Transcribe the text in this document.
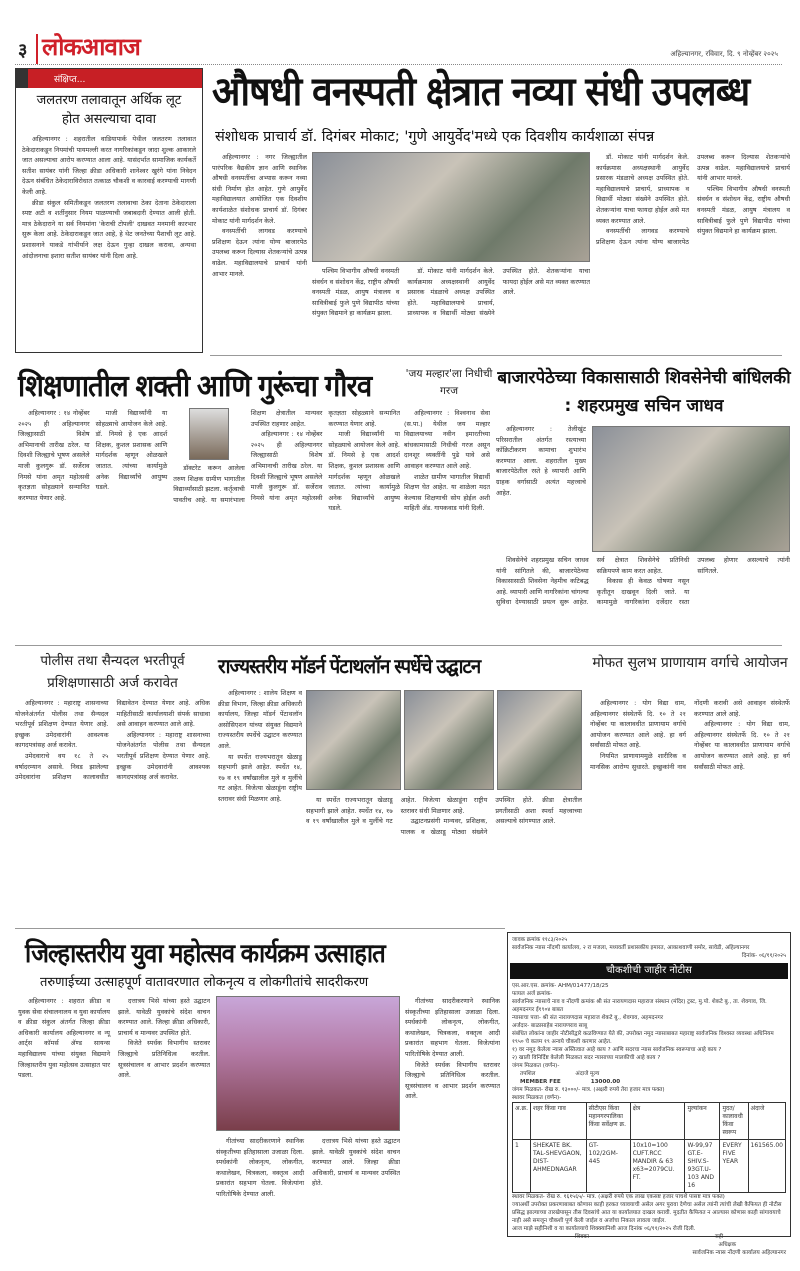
३ लोकआवाज	अहिल्यानगर, रविवार, दि. ९ नोव्हेंबर २०२५
संक्षिप्त...
जलतरण तलावातून अर्थिक लूट होत असल्याचा दावा

अहिल्यानगर : शहरातील वाडियापार्क येथील जलतरण तलावात ठेकेदाराकडून नियमांची पायमल्ली करत नागरिकांकडून जादा शुल्क आकारले जात असल्याचा आरोप करण्यात आला आहे. यासंदर्भात सामाजिक कार्यकर्ते सतीश सायंबर यांनी जिल्हा क्रीडा अधिकारी शानेश्वर खुरंगे यांना निवेदन देऊन संबंधित ठेकेदाराविरोधात तत्काळ चौकशी व कारवाई करण्याची मागणी केली आहे.

क्रीडा संकुल समितीकडून जलतरण तलावाचा ठेका देताना ठेकेदाराला स्पष्ट अटी व शर्तीनुसार नियम पाळण्याची जबाबदारी देण्यात आली होती. मात्र ठेकेदाराने या सर्व नियमांना 'केराची टोपली' दाखवत मनमानी कारभार सुरू केला आहे. ठेकेदाराकडून जात आहे, हे थेट जनतेच्या पैशाची लूट आहे. प्रशासनाने याकडे गांभीर्याने लक्ष देऊन गुन्हा दाखल करावा, अन्यथा आंदोलनाचा इशारा सतीश सायंबर यांनी दिला आहे.

औषधी वनस्पती क्षेत्रात नव्या संधी उपलब्ध
संशोधक प्राचार्य डॉ. दिगंबर मोकाट; 'गुणे आयुर्वेद'मध्ये एक दिवशीय कार्यशाळा संपन्न

अहिल्यानगर : नगर जिल्ह्यातील पारंपरिक वैद्यकीय ज्ञान आणि स्थानिक औषधी वनस्पतींचा अभ्यास करून नव्या संधी निर्माण होत आहेत. गुणे आयुर्वेद महाविद्यालयात आयोजित एक दिवशीय कार्यशाळेत संशोधक प्राचार्य डॉ. दिगंबर मोकाट यांनी मार्गदर्शन केले.

वनस्पतींची लागवड करण्याचे प्रशिक्षण देऊन त्यांना योग्य बाजारपेठ उपलब्ध करून दिल्यास शेतकऱ्यांचे उत्पन्न वाढेल. महाविद्यालयाचे प्राचार्य यांनी आभार मानले.	पश्चिम विभागीय औषधी वनस्पती संवर्धन व संशोधन केंद्र, राष्ट्रीय औषधी वनस्पती मंडळ, आयुष मंत्रालय व सावित्रीबाई फुले पुणे विद्यापीठ यांच्या संयुक्त विद्यमाने हा कार्यक्रम झाला.

डॉ. मोकाट यांनी मार्गदर्शन केले. कार्यक्रमास अध्यक्षस्थानी आयुर्वेद प्रसारक मंडळाचे अध्यक्ष उपस्थित होते. महाविद्यालयाचे प्राचार्य, प्राध्यापक व विद्यार्थी मोठ्या संख्येने उपस्थित होते. शेतकऱ्यांना याचा फायदा होईल असे मत व्यक्त करण्यात आले.

डॉ. मोकाट यांनी मार्गदर्शन केले. कार्यक्रमास अध्यक्षस्थानी आयुर्वेद प्रसारक मंडळाचे अध्यक्ष उपस्थित होते. महाविद्यालयाचे प्राचार्य, प्राध्यापक व विद्यार्थी मोठ्या संख्येने उपस्थित होते. शेतकऱ्यांना याचा फायदा होईल असे मत व्यक्त करण्यात आले.

वनस्पतींची लागवड करण्याचे प्रशिक्षण देऊन त्यांना योग्य बाजारपेठ उपलब्ध करून दिल्यास शेतकऱ्यांचे उत्पन्न वाढेल. महाविद्यालयाचे प्राचार्य यांनी आभार मानले.

पश्चिम विभागीय औषधी वनस्पती संवर्धन व संशोधन केंद्र, राष्ट्रीय औषधी वनस्पती मंडळ, आयुष मंत्रालय व सावित्रीबाई फुले पुणे विद्यापीठ यांच्या संयुक्त विद्यमाने हा कार्यक्रम झाला.

शिक्षणातील शक्ती आणि गुरूंचा गौरव

अहिल्यानगर : १४ नोव्हेंबर २०२५ ही अहिल्यानगर जिल्ह्यासाठी विशेष अभिमानाची तारीख ठरेल. या दिवशी जिल्ह्याचे भूषण असलेले माजी कुलगुरू डॉ. सर्जेराव निमसे यांना अमृत महोत्सवी कृतज्ञता सोहळ्याने सन्मानित करण्यात येणार आहे.

माजी विद्यार्थ्यांनी या सोहळ्याचे आयोजन केले आहे. डॉ. निमसे हे एक आदर्श शिक्षक, कुशल प्रशासक आणि मार्गदर्शक म्हणून ओळखले जातात. त्यांच्या कार्यामुळे अनेक विद्यार्थ्यांचे आयुष्य घडले.

डॉक्टरेट करून आलेला तरुण शिक्षक ग्रामीण भागातील विद्यार्थ्यांसाठी झटला. कर्तृत्वाची पावतीच आहे. या समारंभाला शिक्षण क्षेत्रातील मान्यवर उपस्थित राहणार आहेत.

अहिल्यानगर : १४ नोव्हेंबर २०२५ ही अहिल्यानगर जिल्ह्यासाठी विशेष अभिमानाची तारीख ठरेल. या दिवशी जिल्ह्याचे भूषण असलेले माजी कुलगुरू डॉ. सर्जेराव निमसे यांना अमृत महोत्सवी कृतज्ञता सोहळ्याने सन्मानित करण्यात येणार आहे.

माजी विद्यार्थ्यांनी या सोहळ्याचे आयोजन केले आहे. डॉ. निमसे हे एक आदर्श शिक्षक, कुशल प्रशासक आणि मार्गदर्शक म्हणून ओळखले जातात. त्यांच्या कार्यामुळे अनेक विद्यार्थ्यांचे आयुष्य घडले.

'जय मल्हार'ला निधीची गरज

अहिल्यानगर : विश्वनाथ सेवा (स.पा.) येथील जय मल्हार विद्यालयाच्या नवीन इमारतीच्या बांधकामासाठी निधीची गरज असून दानशूर व्यक्तींनी पुढे यावे असे आवाहन करण्यात आले आहे.

शाळेत ग्रामीण भागातील विद्यार्थी शिक्षण घेत आहेत. या शाळेला मदत केल्यास शिक्षणाची सोय होईल अशी माहिती ॲड. गायकवाड यांनी दिली.

बाजारपेठेच्या विकासासाठी शिवसेनेची बांधिलकी : शहरप्रमुख सचिन जाधव

अहिल्यानगर : तेलीखुंट परिसरातील अंतर्गत रस्त्याच्या काँक्रिटीकरण कामाचा शुभारंभ करण्यात आला. शहरातील मुख्य बाजारपेठेतील रस्ते हे व्यापारी आणि ग्राहक वर्गासाठी अत्यंत महत्त्वाचे आहेत.

शिवसेनेचे शहरप्रमुख सचिन जाधव यांनी सांगितले की, बाजारपेठेच्या विकासासाठी शिवसेना नेहमीच कटिबद्ध आहे. व्यापारी आणि नागरिकांना चांगल्या सुविधा देण्यासाठी प्रयत्न सुरू आहेत. सर्व क्षेत्रात शिवसेनेचे प्रतिनिधी सक्रियपणे काम करत आहेत.

विकास ही केवळ घोषणा नसून कृतीतून दाखवून दिली जाते. या कामामुळे नागरिकांना दर्जेदार रस्ता उपलब्ध होणार असल्याचे त्यांनी सांगितले.

पोलीस तथा सैन्यदल भरतीपूर्व प्रशिक्षणासाठी अर्ज करावेत

अहिल्यानगर : महाराष्ट्र शासनाच्या योजनेअंतर्गत पोलीस तथा सैन्यदल भरतीपूर्व प्रशिक्षण देण्यात येणार आहे. इच्छुक उमेदवारांनी आवश्यक कागदपत्रांसह अर्ज करावेत.

उमेदवाराचे वय १८ ते २५ वर्षादरम्यान असावे. निवड झालेल्या उमेदवारांना प्रशिक्षण कालावधीत विद्यावेतन देण्यात येणार आहे. अधिक माहितीसाठी कार्यालयाशी संपर्क साधावा असे आवाहन करण्यात आले आहे.

अहिल्यानगर : महाराष्ट्र शासनाच्या योजनेअंतर्गत पोलीस तथा सैन्यदल भरतीपूर्व प्रशिक्षण देण्यात येणार आहे. इच्छुक उमेदवारांनी आवश्यक कागदपत्रांसह अर्ज करावेत.

राज्यस्तरीय मॉडर्न पेंटाथलॉन स्पर्धेचे उद्घाटन

अहिल्यानगर : शालेय शिक्षण व क्रीडा विभाग, जिल्हा क्रीडा अधिकारी कार्यालय, जिल्हा मॉडर्न पेंटाथलॉन असोसिएशन यांच्या संयुक्त विद्यमाने राज्यस्तरीय स्पर्धेचे उद्घाटन करण्यात आले.

या स्पर्धेत राज्यभरातून खेळाडू सहभागी झाले आहेत. स्पर्धेत १४, १७ व १९ वर्षांखालील मुले व मुलींचे गट आहेत. विजेत्या खेळाडूंना राष्ट्रीय स्तरावर संधी मिळणार आहे.	या स्पर्धेत राज्यभरातून खेळाडू सहभागी झाले आहेत. स्पर्धेत १४, १७ व १९ वर्षांखालील मुले व मुलींचे गट आहेत. विजेत्या खेळाडूंना राष्ट्रीय स्तरावर संधी मिळणार आहे.

उद्घाटनप्रसंगी मान्यवर, प्रशिक्षक, पालक व खेळाडू मोठ्या संख्येने उपस्थित होते. क्रीडा क्षेत्रातील प्रगतीसाठी अशा स्पर्धा महत्त्वाच्या असल्याचे सांगण्यात आले.

मोफत सुलभ प्राणायाम वर्गाचे आयोजन

अहिल्यानगर : योग विद्या धाम, अहिल्यानगर संस्थेतर्फे दि. १० ते २१ नोव्हेंबर या कालावधीत प्राणायाम वर्गाचे आयोजन करण्यात आले आहे. हा वर्ग सर्वांसाठी मोफत आहे.

नियमित प्राणायाममुळे शारीरिक व मानसिक आरोग्य सुधारते. इच्छुकांनी नाव नोंदणी करावी असे आवाहन संस्थेतर्फे करण्यात आले आहे.

अहिल्यानगर : योग विद्या धाम, अहिल्यानगर संस्थेतर्फे दि. १० ते २१ नोव्हेंबर या कालावधीत प्राणायाम वर्गाचे आयोजन करण्यात आले आहे. हा वर्ग सर्वांसाठी मोफत आहे.

जिल्हास्तरीय युवा महोत्सव कार्यक्रम उत्साहात
तरुणाईच्या उत्साहपूर्ण वातावरणात लोकनृत्य व लोकगीतांचे सादरीकरण

अहिल्यानगर : शहरात क्रीडा व युवक सेवा संचालनालय व युवा कार्यालय व क्रीडा संकुल अंतर्गत जिल्हा क्रीडा अधिकारी कार्यालय अहिल्यानगर व न्यू आर्ट्स कॉमर्स ॲण्ड सायन्स महाविद्यालय यांच्या संयुक्त विद्यमाने जिल्हास्तरीय युवा महोत्सव उत्साहात पार पडला.

दत्तात्रय भिसे यांच्या हस्ते उद्घाटन झाले. यावेळी युवकांचे संदेश वाचन करण्यात आले. जिल्हा क्रीडा अधिकारी, प्राचार्य व मान्यवर उपस्थित होते.

विजेते स्पर्धक विभागीय स्तरावर जिल्ह्याचे प्रतिनिधित्व करतील. सूत्रसंचालन व आभार प्रदर्शन करण्यात आले.

गीतांच्या सादरीकरणाने स्थानिक संस्कृतीच्या इतिहासाला उजाळा दिला. स्पर्धकांनी लोकनृत्य, लोकगीत, कथालेखन, चित्रकला, वक्तृत्व आदी प्रकारांत सहभाग घेतला. विजेत्यांना पारितोषिके देण्यात आली.

दत्तात्रय भिसे यांच्या हस्ते उद्घाटन झाले. यावेळी युवकांचे संदेश वाचन करण्यात आले. जिल्हा क्रीडा अधिकारी, प्राचार्य व मान्यवर उपस्थित होते.

गीतांच्या सादरीकरणाने स्थानिक संस्कृतीच्या इतिहासाला उजाळा दिला. स्पर्धकांनी लोकनृत्य, लोकगीत, कथालेखन, चित्रकला, वक्तृत्व आदी प्रकारांत सहभाग घेतला. विजेत्यांना पारितोषिके देण्यात आली.

विजेते स्पर्धक विभागीय स्तरावर जिल्ह्याचे प्रतिनिधित्व करतील. सूत्रसंचालन व आभार प्रदर्शन करण्यात आले.

जावक क्रमांक ११८३/२०२५
सार्वजनिक न्यास नोंदणी कार्यालय, २ रा मजला, मध्यवर्ती प्रशासकीय इमारत, आकाशवाणी समोर, सावेडी, अहिल्यानगर
दिनांक- ०६/११/२०२५
चौकशीची जाहीर नोटीस
एस.आर.एस. क्रमांक- AHM/01477/18/25
फायल अर्ज क्रमांक-
सार्वजनिक न्यासाचे नाव व नोंदणी क्रमांक श्री संत नारायणदास महाराज संस्थान (मंदिर) ट्रस्ट, मु.पो. शेकटे बु., ता. शेवगाव, जि. अहमदनगर ई१९०४ बाबत
न्यासाचा पत्ता- श्री संत नारायणदास महाराज शेकटे बु., शेवगाव, अहमदनगर
अर्जदार- बाळासाहेब नारायणराव साबू
संबंधित लोकांना जाहीर नोटीसीद्वारे कळविण्यात येते की, उपरोक्त नमूद न्यासाबाबत महाराष्ट्र सार्वजनिक विश्वस्त व्यवस्था अधिनियम १९५० चे कलम १९ अन्वये चौकशी करणार आहेत.
१) वर नमूद केलेला न्यास अस्तित्वात आहे काय ? आणि सदरचा न्यास सार्वजनिक स्वरूपाचा आहे काय ?
२) खाली विनिर्दिष्ट केलेली मिळकत सदर न्यासाच्या मालकीची आहे काय ?
जंगम मिळकत (वर्णन)-
तपशिल	अंदाजे मूल्य
MEMBER FEE	13000.00
जंगम मिळकत- रोख रु. १३०००/- मात्र. (अक्षरी रुपये तेरा हजार मात्र फक्त)
स्थावर मिळकत (वर्णन)-
अ.क्र.	शहर किंवा गाव	सीटीएस किंवा महानगरपालिका किंवा सर्वेक्षण क्र.	क्षेत्र	मुल्यांकन	मुदत/कालावधी किंवा स्वरूप	अंदाजे
1	SHEKATE BK. TAL-SHEVGAON, DIST-AHMEDNAGAR	GT-102/2GM-445	10x10=100 CUFT.RCC MANDIR & 63 x63=2079CU. FT.	W-99,97 GT.E-SHIV.S-93GT.U-103 AND 16	EVERY FIVE YEAR	161565.00
स्थावर मिळकत- रोख रु. १६१५६५/- मात्र. (अक्षरी रुपये एक लाख एकसष्ट हजार पाचशे पासष्ट मात्र फक्त)
ज्याअर्थी उपरोक्त प्रकरणाबाबत कोणास काही हरकत घ्यावयाची असेल अगर पुरावा देणेचा असेल त्यांनी त्यांची लेखी कैफियत ही नोटीस प्रसिद्ध झाल्याच्या तारखेपासून तीस दिवसांचे आत या कार्यालयात दाखल करावी. मुदतीत कैफियत न आल्यास कोणास काही सांगावयाचे नाही असे समजून चौकशी पूर्ण केली जाईल व अर्जाचा निकाल लावला जाईल.
आज माझे सहीनिशी व या कार्यालयाचे शिक्क्यानिशी आज दिनांक ०६/११/२०२५ रोजी दिली.
शिक्का	सही
अधिक्षक
सार्वजनिक न्यास नोंदणी कार्यालय अहिल्यानगर
